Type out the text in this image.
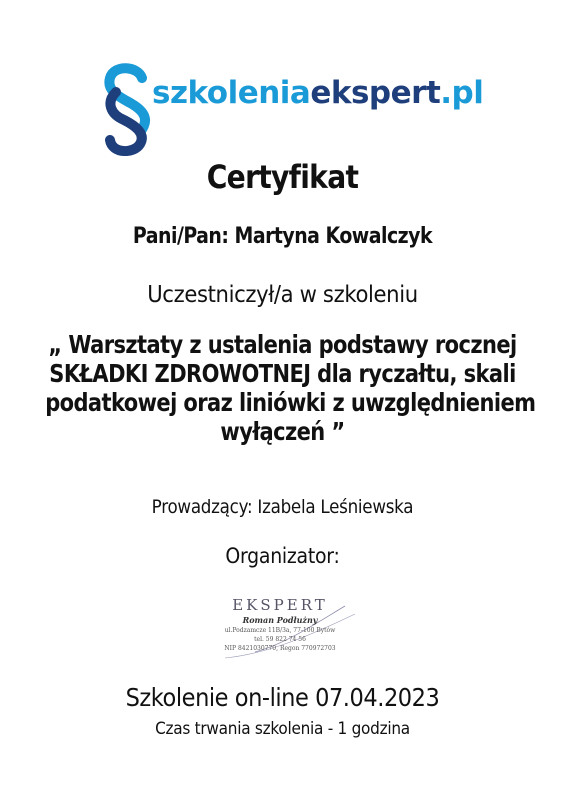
szkoleniaekspert.pl
Certyfikat
Pani/Pan: Martyna Kowalczyk
Uczestniczył/a w szkoleniu
„ Warsztaty z ustalenia podstawy rocznej
SKŁADKI ZDROWOTNEJ dla ryczałtu, skali
podatkowej oraz liniówki z uwzględnieniem
wyłączeń ”
Prowadzący: Izabela Leśniewska
Organizator:
EKSPERT
Roman Podłużny
ul.Podzamcze 11B/3a, 77-100 Bytów
tel. 59 822 74 56
NIP 8421030770, Regon 770972703
Szkolenie on-line 07.04.2023
Czas trwania szkolenia - 1 godzina
